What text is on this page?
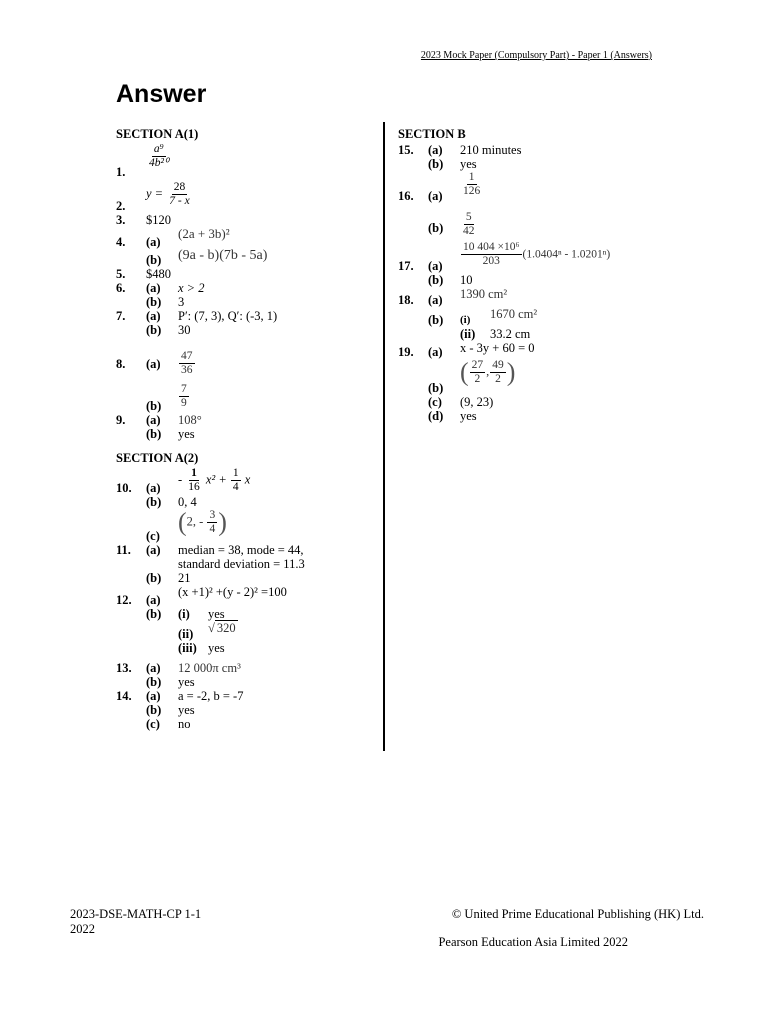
2023 Mock Paper (Compulsory Part) - Paper 1 (Answers)
Answer
SECTION A(1)
1.
$\frac{\text{a⁹}}{\text{4b²⁰}}$
2.
$y = \frac{28}{7 - x}$
3.	$120
4.	(a)
(2a + 3b)²
(b)	(9a - b)(7b - 5a)
5.	$480
6.	(a)	x > 2
(b)	3
7.	(a)	P′: (7, 3), Q′: (-3, 1)
(b)	30
8.	(a)	$\frac{47}{36}$
(b)	$\frac{7}{9}$
9.	(a)	108°
(b)	yes
SECTION A(2)
10.	(a)
- $\frac{1}{16} x^2 + \frac{1}{4}$ x
(b)	0, 4
(c) (2, - $\frac{3}{4}$ )
11.	(a)	median = 38, mode = 44,
standard deviation = 11.3
(b)	21
12.	(a)
(x +1)² +(y - 2)² =100
(b)	(i)	yes
(ii)	√ 320
(iii) yes
13.	(a)	12 000π cm³
(b)	yes
14.	(a)	a = -2, b = -7
(b)	yes
(c)	no
SECTION B
15.	(a)	210 minutes
(b)	yes
16.	(a)	$\frac{1}{126}$
(b)	$\frac{5}{42}$
17.	(a)	$\frac{\text{10 404 ×10⁶}}{203} (1.0404^n - 1.0201^n)$
(b)	10
18.	(a)	1390 cm²
(b)	(i)	1670 cm²
(ii)	33.2 cm
19.	(a)	x - 3y + 60 = 0
(b)
( $\frac{27}{2}$ , $\frac{49}{2}$ )
(c)	(9, 23)
(d)	yes
2023-DSE-MATH-CP 1-1
2022
© United Prime Educational Publishing (HK) Ltd.
Pearson Education Asia Limited 2022
